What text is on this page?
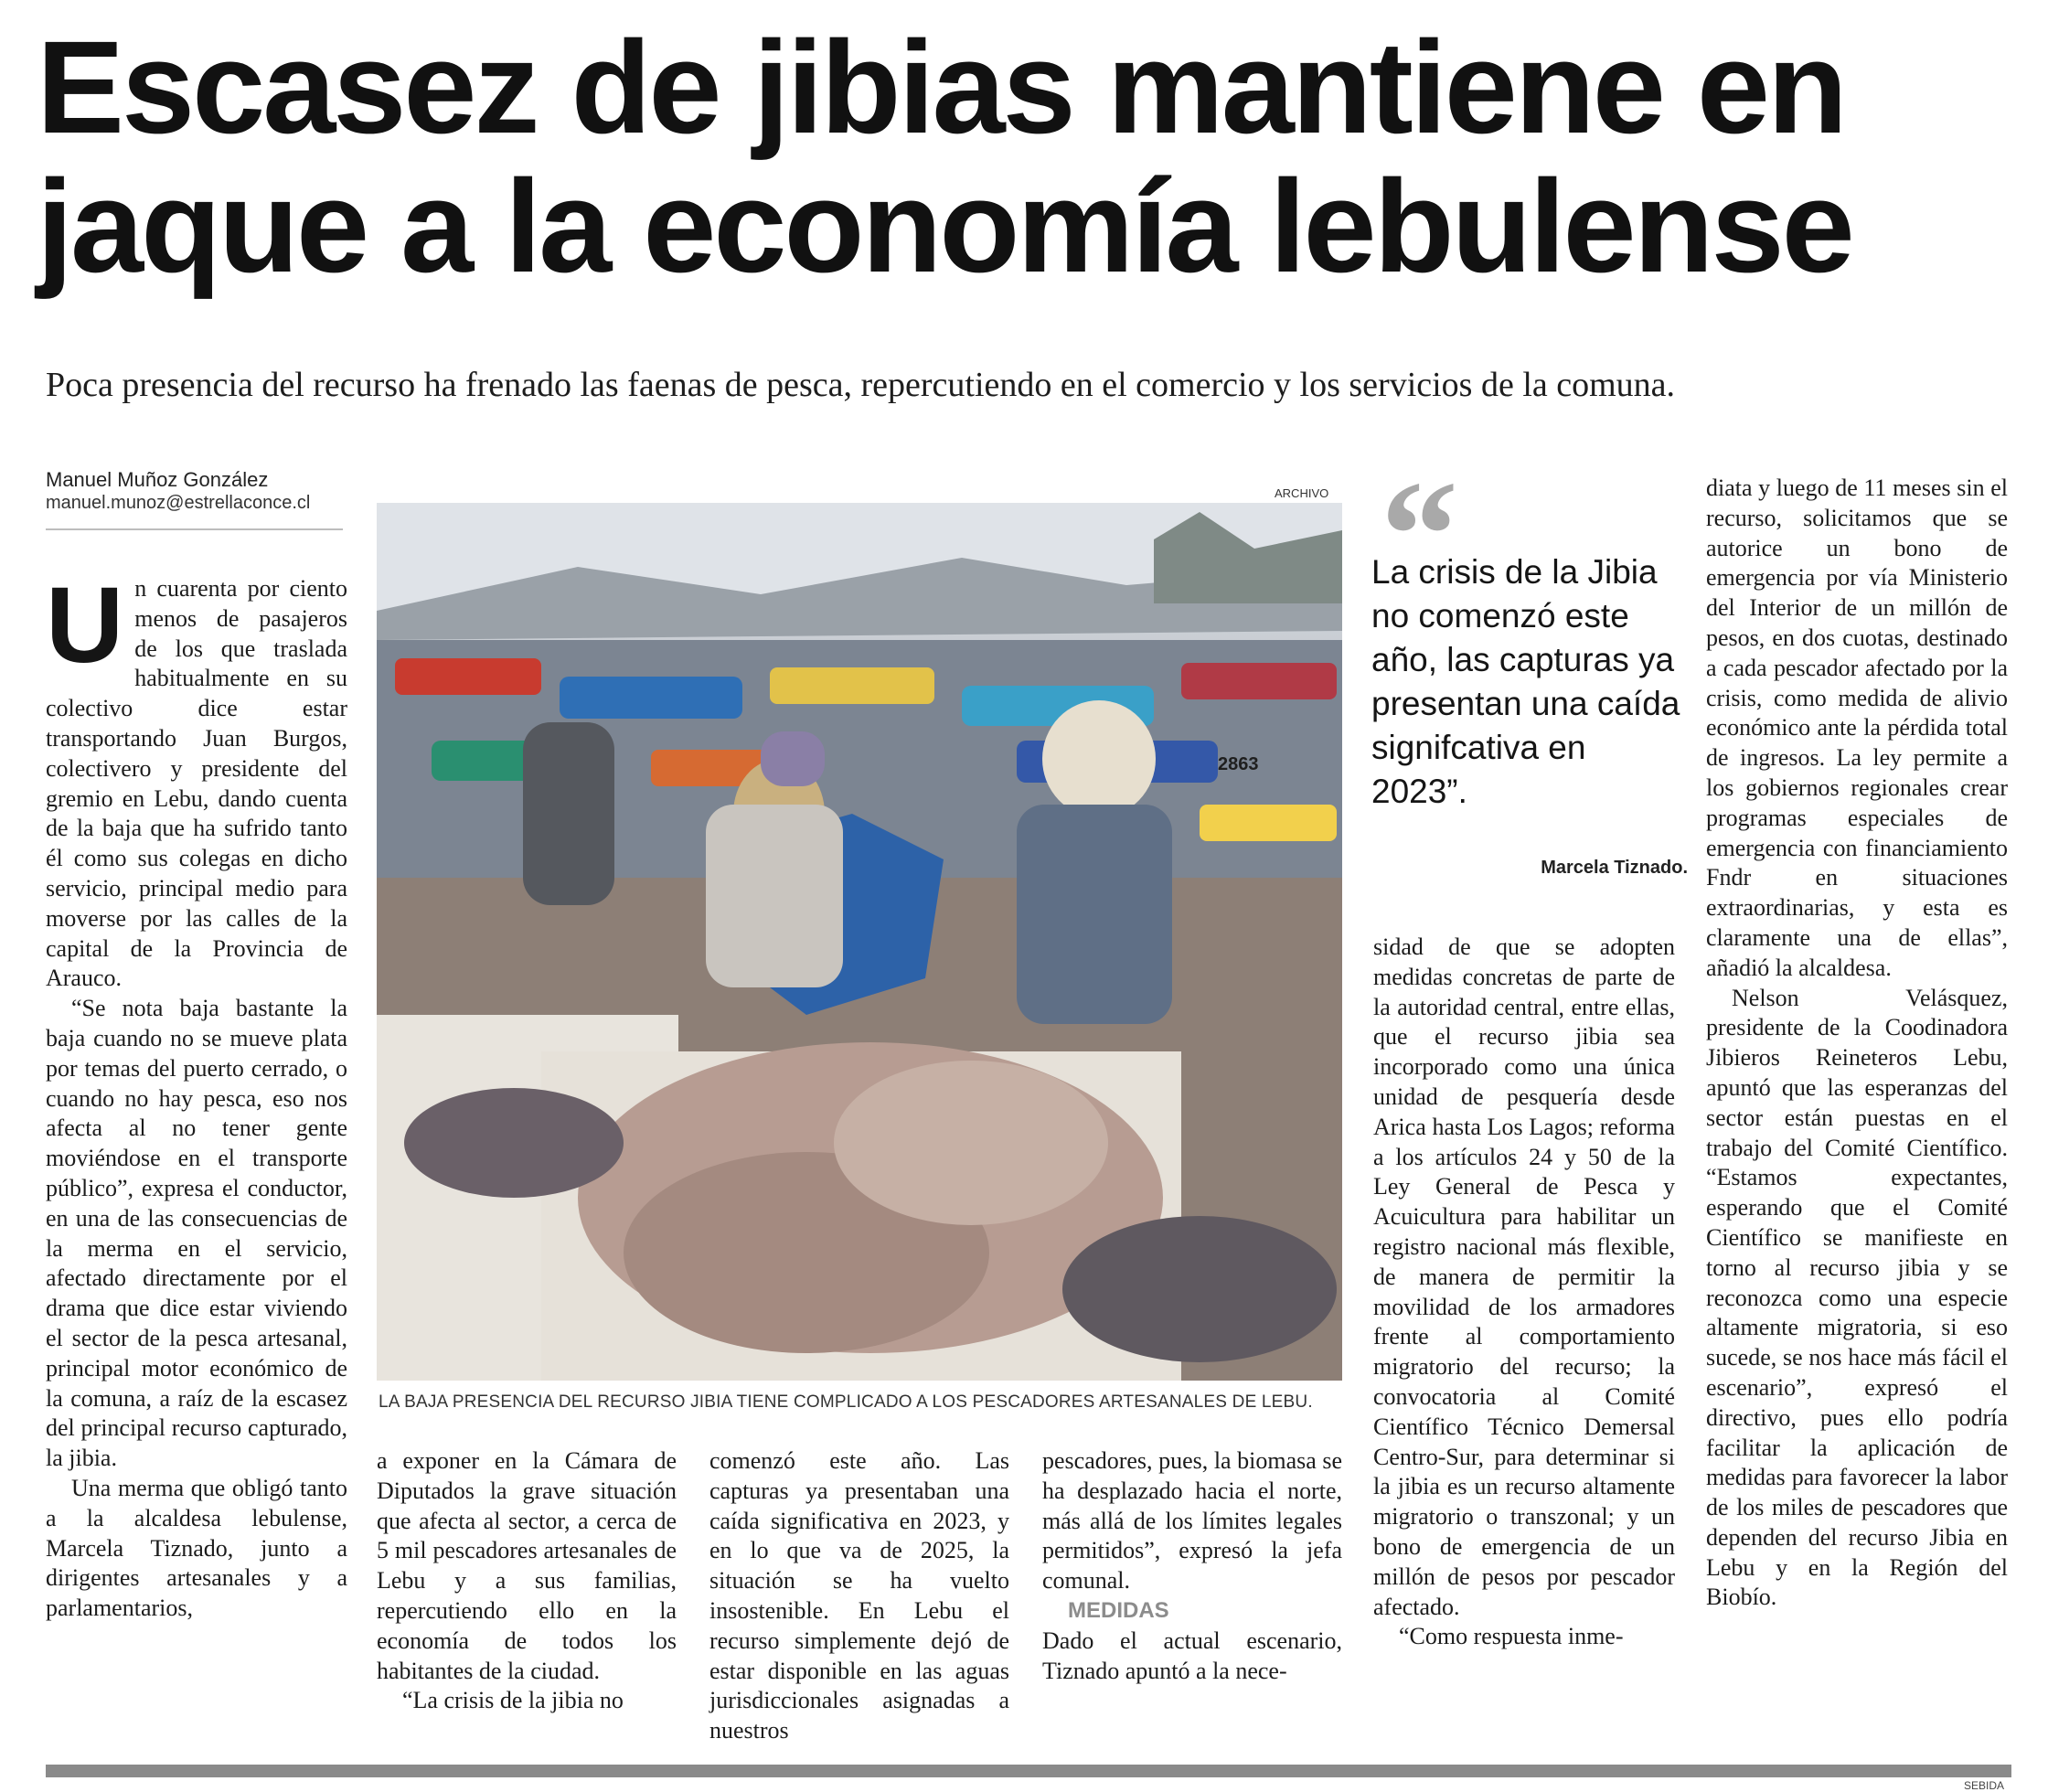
Escasez de jibias mantiene en jaque a la economía lebulense

Poca presencia del recurso ha frenado las faenas de pesca, repercutiendo en el comercio y los servicios de la comuna.

Manuel Muñoz González
manuel.munoz@estrellaconce.cl

Un cuarenta por ciento menos de pasajeros de los que traslada habitualmente en su colectivo dice estar transportando Juan Burgos, colectivero y presidente del gremio en Lebu, dando cuenta de la baja que ha sufrido tanto él como sus colegas en dicho servicio, principal medio para moverse por las calles de la capital de la Provincia de Arauco.

“Se nota baja bastante la baja cuando no se mueve plata por temas del puerto cerrado, o cuando no hay pesca, eso nos afecta al no tener gente moviéndose en el transporte público”, expresa el conductor, en una de las consecuencias de la merma en el servicio, afectado directamente por el drama que dice estar viviendo el sector de la pesca artesanal, principal motor económico de la comuna, a raíz de la escasez del principal recurso capturado, la jibia.

Una merma que obligó tanto a la alcaldesa lebulense, Marcela Tiznado, junto a dirigentes artesanales y a parlamentarios,

ARCHIVO
2863
LA BAJA PRESENCIA DEL RECURSO JIBIA TIENE COMPLICADO A LOS PESCADORES ARTESANALES DE LEBU.
“
La crisis de la Jibia no comenzó este año, las capturas ya presentan una caída signifcativa en 2023”.
Marcela Tiznado.

a exponer en la Cámara de Diputados la grave situación que afecta al sector, a cerca de 5 mil pescadores artesanales de Lebu y a sus familias, repercutiendo ello en la economía de todos los habitantes de la ciudad.

“La crisis de la jibia no

comenzó este año. Las capturas ya presentaban una caída significativa en 2023, y en lo que va de 2025, la situación se ha vuelto insostenible. En Lebu el recurso simplemente dejó de estar disponible en las aguas jurisdiccionales asignadas a nuestros

pescadores, pues, la biomasa se ha desplazado hacia el norte, más allá de los límites legales permitidos”, expresó la jefa comunal.

MEDIDAS

Dado el actual escenario, Tiznado apuntó a la nece-

sidad de que se adopten medidas concretas de parte de la autoridad central, entre ellas, que el recurso jibia sea incorporado como una única unidad de pesquería desde Arica hasta Los Lagos; reforma a los artículos 24 y 50 de la Ley General de Pesca y Acuicultura para habilitar un registro nacional más flexible, de manera de permitir la movilidad de los armadores frente al comportamiento migratorio del recurso; la convocatoria al Comité Científico Técnico Demersal Centro-Sur, para determinar si la jibia es un recurso altamente migratorio o transzonal; y un bono de emergencia de un millón de pesos por pescador afectado.

“Como respuesta inme-

diata y luego de 11 meses sin el recurso, solicitamos que se autorice un bono de emergencia por vía Ministerio del Interior de un millón de pesos, en dos cuotas, destinado a cada pescador afectado por la crisis, como medida de alivio económico ante la pérdida total de ingresos. La ley permite a los gobiernos regionales crear programas especiales de emergencia con financiamiento Fndr en situaciones extraordinarias, y esta es claramente una de ellas”, añadió la alcaldesa.

Nelson Velásquez, presidente de la Coodinadora Jibieros Reineteros Lebu, apuntó que las esperanzas del sector están puestas en el trabajo del Comité Científico. “Estamos expectantes, esperando que el Comité Científico se manifieste en torno al recurso jibia y se reconozca como una especie altamente migratoria, si eso sucede, se nos hace más fácil el escenario”, expresó el directivo, pues ello podría facilitar la aplicación de medidas para favorecer la labor de los miles de pescadores que dependen del recurso Jibia en Lebu y en la Región del Biobío.

SEBIDA
